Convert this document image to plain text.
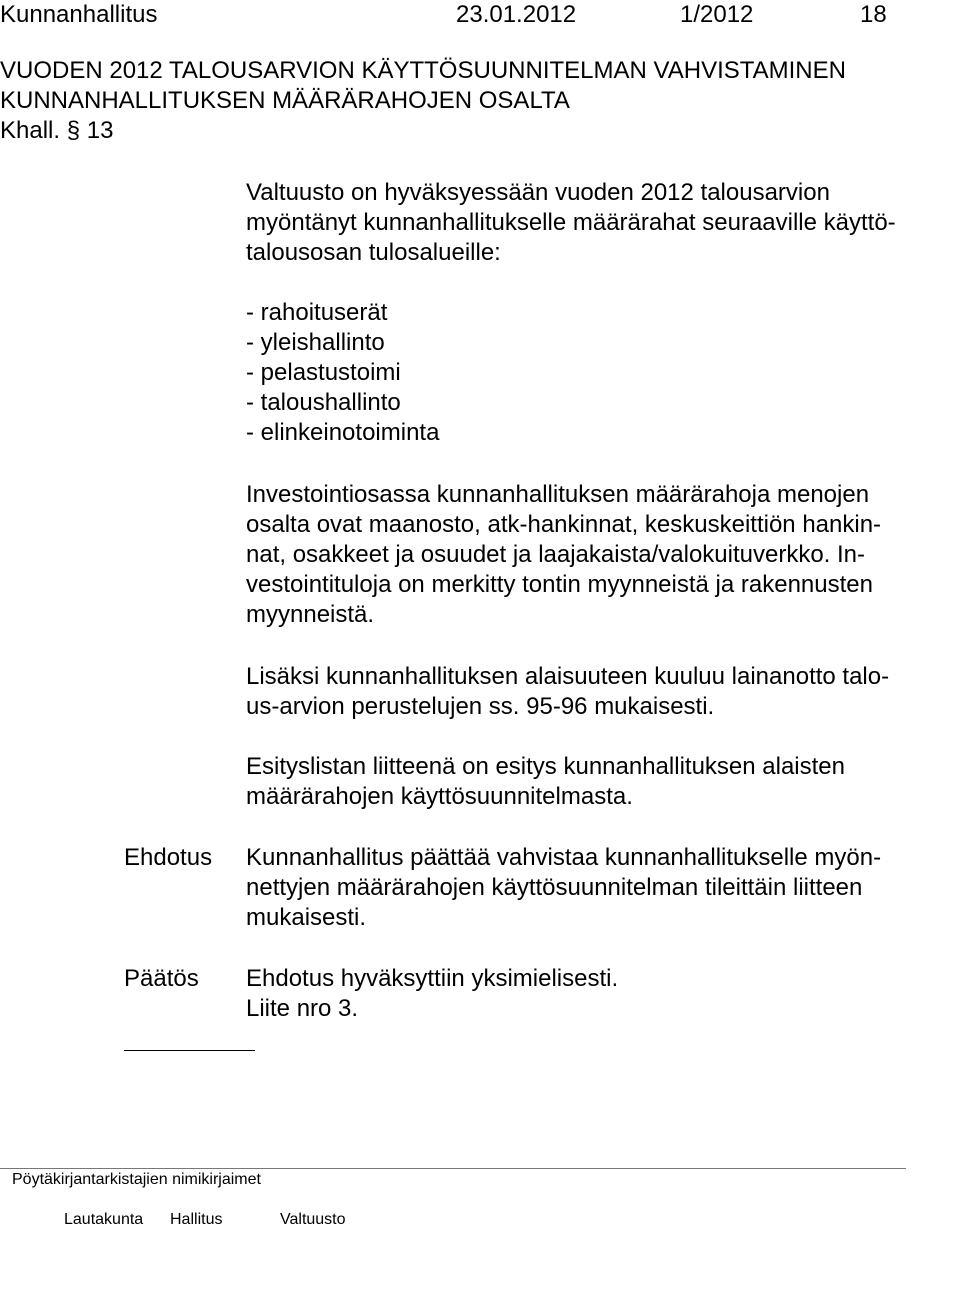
Kunnanhallitus	23.01.2012	1/2012	18
VUODEN 2012 TALOUSARVION KÄYTTÖSUUNNITELMAN VAHVISTAMINEN
KUNNANHALLITUKSEN MÄÄRÄRAHOJEN OSALTA
Khall. § 13
Valtuusto on hyväksyessään vuoden 2012 talousarvion
myöntänyt kunnanhallitukselle määrärahat seuraaville käyttö-
talousosan tulosalueille:
- rahoituserät
- yleishallinto
- pelastustoimi
- taloushallinto
- elinkeinotoiminta
Investointiosassa kunnanhallituksen määrärahoja menojen
osalta ovat maanosto, atk-hankinnat, keskuskeittiön hankin-
nat, osakkeet ja osuudet ja laajakaista/valokuituverkko. In-
vestointituloja on merkitty tontin myynneistä ja rakennusten
myynneistä.
Lisäksi kunnanhallituksen alaisuuteen kuuluu lainanotto talo-
us-arvion perustelujen ss. 95-96 mukaisesti.
Esityslistan liitteenä on esitys kunnanhallituksen alaisten
määrärahojen käyttösuunnitelmasta.
Ehdotus Kunnanhallitus päättää vahvistaa kunnanhallitukselle myön-
nettyjen määrärahojen käyttösuunnitelman tileittäin liitteen
mukaisesti.
Päätös Ehdotus hyväksyttiin yksimielisesti.
Liite nro 3.
Pöytäkirjantarkistajien nimikirjaimet
Lautakunta Hallitus	Valtuusto
